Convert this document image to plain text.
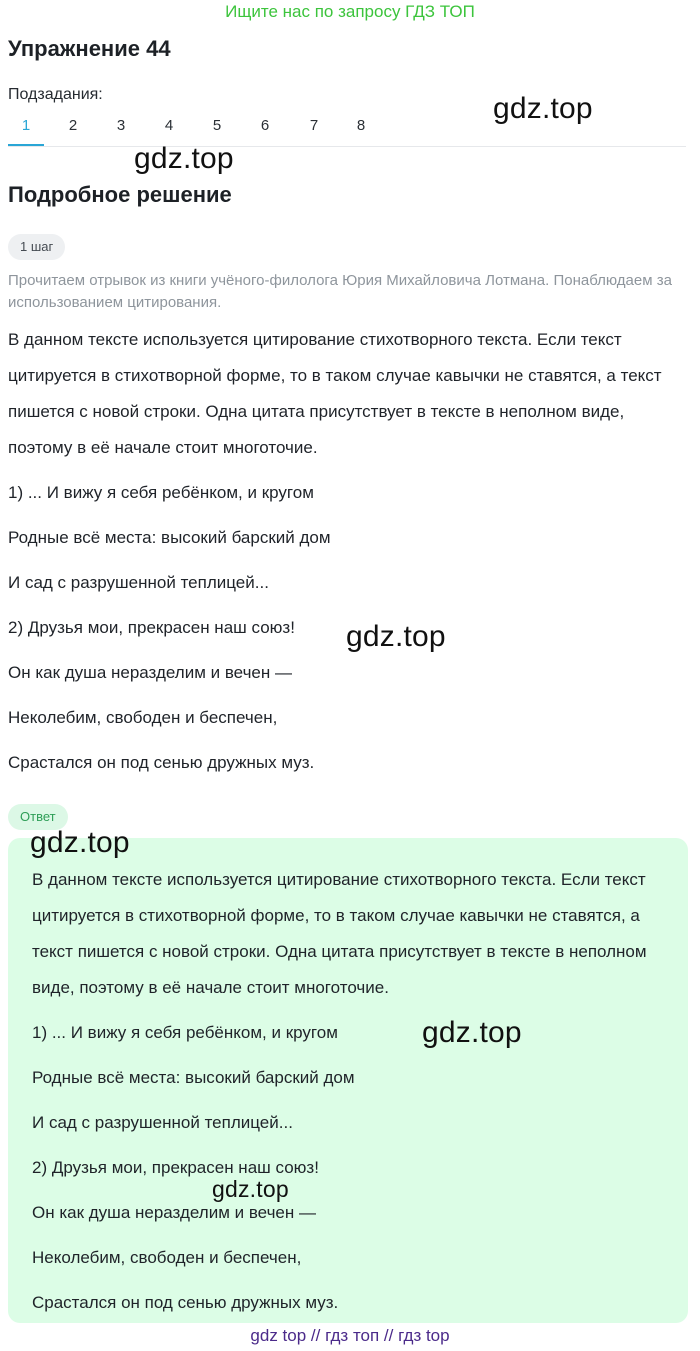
Ищите нас по запросу ГДЗ ТОП
Упражнение 44
Подзадания:
1	2	3	4	5	6	7	8
gdz.top
gdz.top
Подробное решение
1 шаг
Прочитаем отрывок из книги учёного-филолога Юрия Михайловича Лотмана. Понаблюдаем за использованием цитирования.

В данном тексте используется цитирование стихотворного текста. Если текст цитируется в стихотворной форме, то в таком случае кавычки не ставятся, а текст пишется с новой строки. Одна цитата присутствует в тексте в неполном виде, поэтому в её начале стоит многоточие.

1) ... И вижу я себя ребёнком, и кругом
Родные всё места: высокий барский дом
И сад с разрушенной теплицей...
2) Друзья мои, прекрасен наш союз!
Он как душа неразделим и вечен —
Неколебим, свободен и беспечен,
Срастался он под сенью дружных муз.
gdz.top
Ответ

В данном тексте используется цитирование стихотворного текста. Если текст цитируется в стихотворной форме, то в таком случае кавычки не ставятся, а текст пишется с новой строки. Одна цитата присутствует в тексте в неполном виде, поэтому в её начале стоит многоточие.

1) ... И вижу я себя ребёнком, и кругом
Родные всё места: высокий барский дом
И сад с разрушенной теплицей...
2) Друзья мои, прекрасен наш союз!
Он как душа неразделим и вечен —
Неколебим, свободен и беспечен,
Срастался он под сенью дружных муз.
gdz.top
gdz.top
gdz.top
gdz top // гдз топ // гдз top
